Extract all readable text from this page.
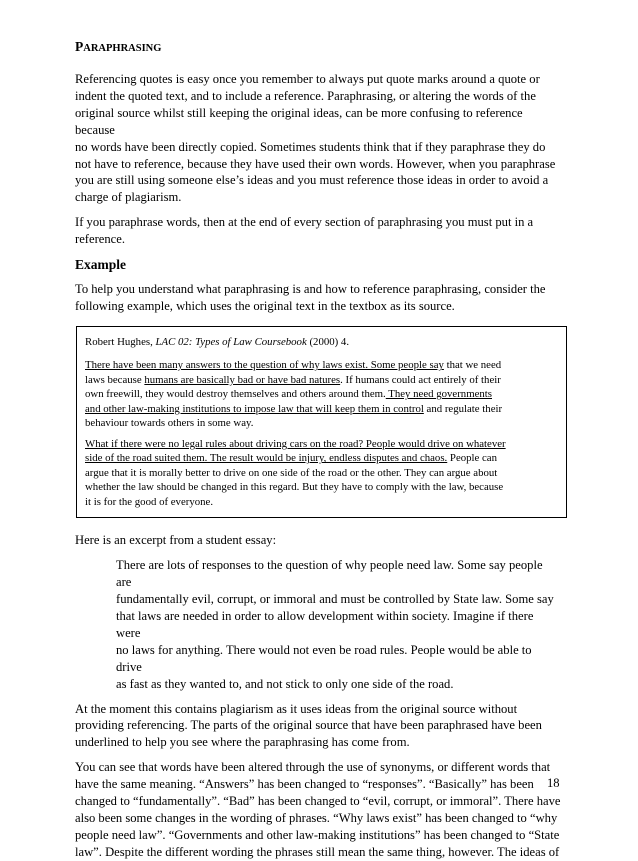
PARAPHRASING

Referencing quotes is easy once you remember to always put quote marks around a quote or

indent the quoted text, and to include a reference. Paraphrasing, or altering the words of the

original source whilst still keeping the original ideas, can be more confusing to reference because

no words have been directly copied. Sometimes students think that if they paraphrase they do

not have to reference, because they have used their own words. However, when you paraphrase

you are still using someone else’s ideas and you must reference those ideas in order to avoid a

charge of plagiarism.

If you paraphrase words, then at the end of every section of paraphrasing you must put in a

reference.

Example

To help you understand what paraphrasing is and how to reference paraphrasing, consider the

following example, which uses the original text in the textbox as its source.

Robert Hughes, LAC 02: Types of Law Coursebook (2000) 4.

There have been many answers to the question of why laws exist. Some people say that we need

laws because humans are basically bad or have bad natures. If humans could act entirely of their

own freewill, they would destroy themselves and others around them. They need governments

and other law-making institutions to impose law that will keep them in control and regulate their

behaviour towards others in some way.

What if there were no legal rules about driving cars on the road? People would drive on whatever

side of the road suited them. The result would be injury, endless disputes and chaos. People can

argue that it is morally better to drive on one side of the road or the other. They can argue about

whether the law should be changed in this regard. But they have to comply with the law, because

it is for the good of everyone.

Here is an excerpt from a student essay:

There are lots of responses to the question of why people need law. Some say people are

fundamentally evil, corrupt, or immoral and must be controlled by State law. Some say

that laws are needed in order to allow development within society. Imagine if there were

no laws for anything. There would not even be road rules. People would be able to drive

as fast as they wanted to, and not stick to only one side of the road.

At the moment this contains plagiarism as it uses ideas from the original source without

providing referencing. The parts of the original source that have been paraphrased have been

underlined to help you see where the paraphrasing has come from.

You can see that words have been altered through the use of synonyms, or different words that

have the same meaning. “Answers” has been changed to “responses”. “Basically” has been

changed to “fundamentally”. “Bad” has been changed to “evil, corrupt, or immoral”. There have

also been some changes in the wording of phrases. “Why laws exist” has been changed to “why

people need law”. “Governments and other law-making institutions” has been changed to “State

law”. Despite the different wording the phrases still mean the same thing, however. The ideas of

18
